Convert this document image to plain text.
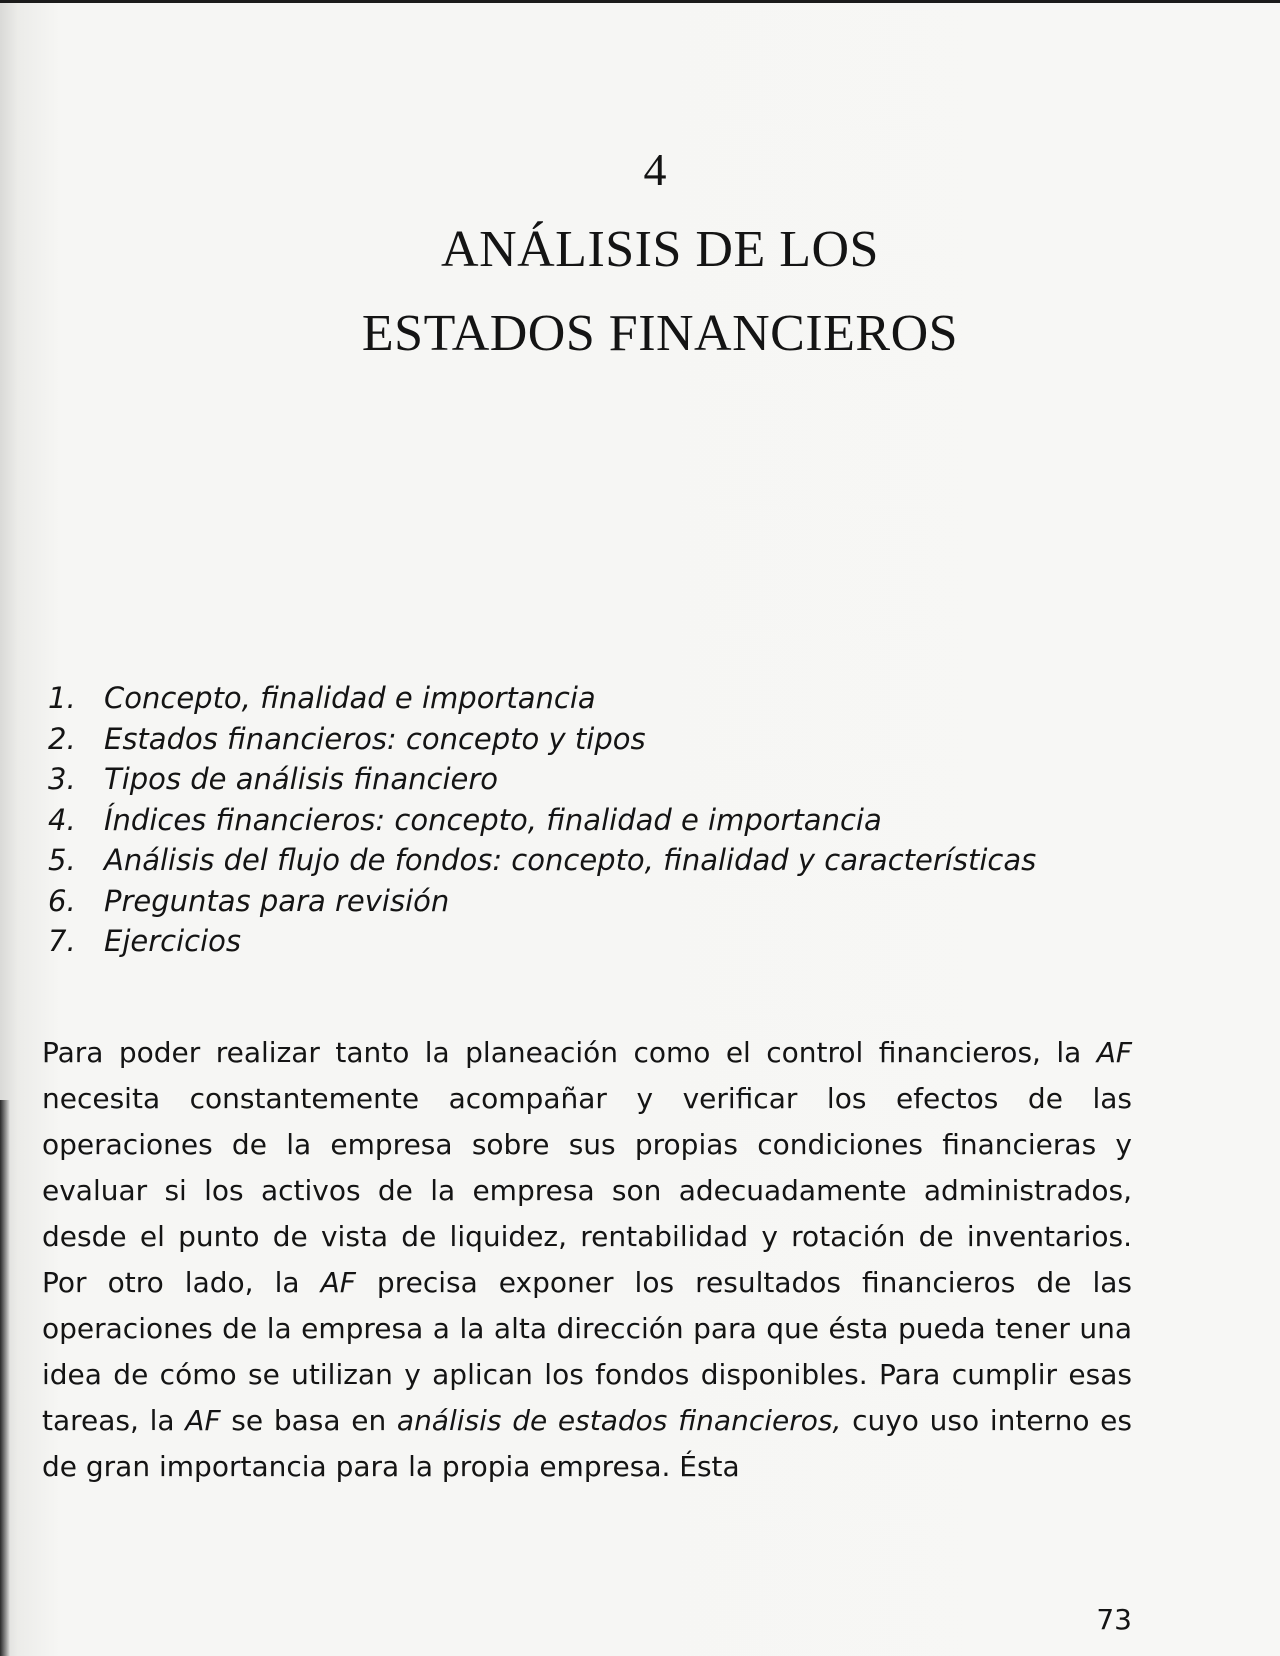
4
ANÁLISIS DE LOS
ESTADOS FINANCIEROS
1. Concepto, finalidad e importancia
2. Estados financieros: concepto y tipos
3. Tipos de análisis financiero
4. Índices financieros: concepto, finalidad e importancia
5. Análisis del flujo de fondos: concepto, finalidad y características
6. Preguntas para revisión
7. Ejercicios

Para poder realizar tanto la planeación como el control financieros, la AF necesita constantemente acompañar y verificar los efectos de las operaciones de la empresa sobre sus propias condiciones financieras y evaluar si los activos de la empresa son adecuadamente administrados, desde el punto de vista de liquidez, rentabilidad y rotación de inventarios. Por otro lado, la AF precisa exponer los resultados financieros de las operaciones de la empresa a la alta dirección para que ésta pueda tener una idea de cómo se utilizan y aplican los fondos disponibles. Para cumplir esas tareas, la AF se basa en análisis de estados financieros, cuyo uso interno es de gran importancia para la propia empresa. Ésta

73
